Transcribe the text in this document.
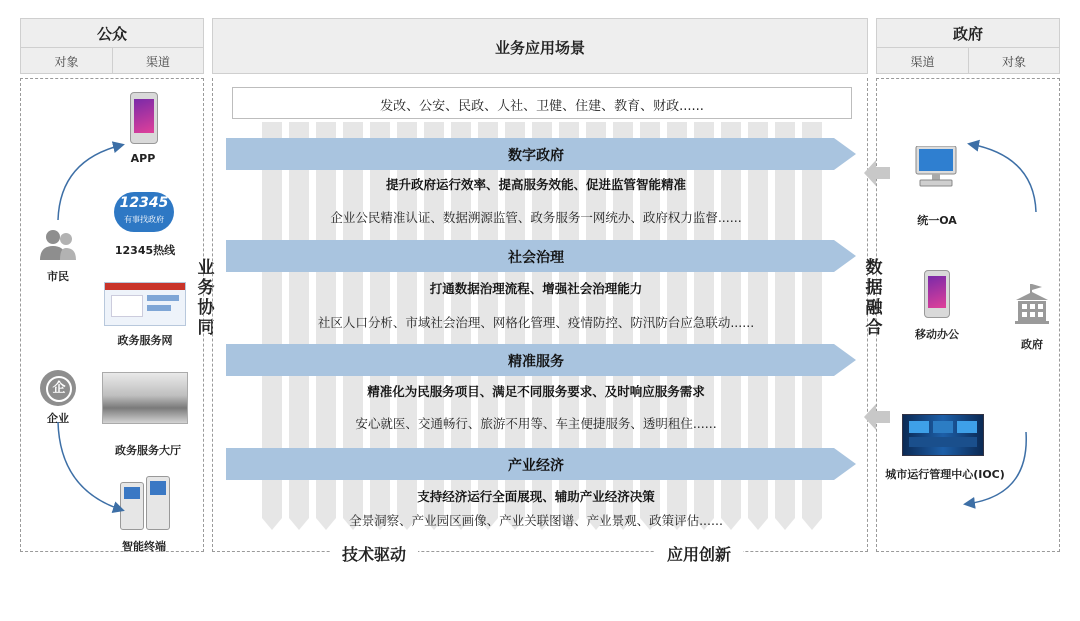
公众
对象	渠道
APP
12345
有事找政府
12345热线
政务服务网
政务服务大厅
智能终端
市民
企
企业
业
务
协
同
业务应用场景
发改、公安、民政、人社、卫健、住建、教育、财政......
数字政府
提升政府运行效率、提高服务效能、促进监管智能精准
企业公民精准认证、数据溯源监管、政务服务一网统办、政府权力监督......
社会治理
打通数据治理流程、增强社会治理能力
社区人口分析、市域社会治理、网格化管理、疫情防控、防汛防台应急联动......
精准服务
精准化为民服务项目、满足不同服务要求、及时响应服务需求
安心就医、交通畅行、旅游不用等、车主便捷服务、透明租住......
产业经济
支持经济运行全面展现、辅助产业经济决策
全景洞察、产业园区画像、产业关联图谱、产业景观、政策评估......
技术驱动	应用创新
政府
渠道	对象
数
据
融
合
统一OA
移动办公
政府
城市运行管理中心(IOC)
